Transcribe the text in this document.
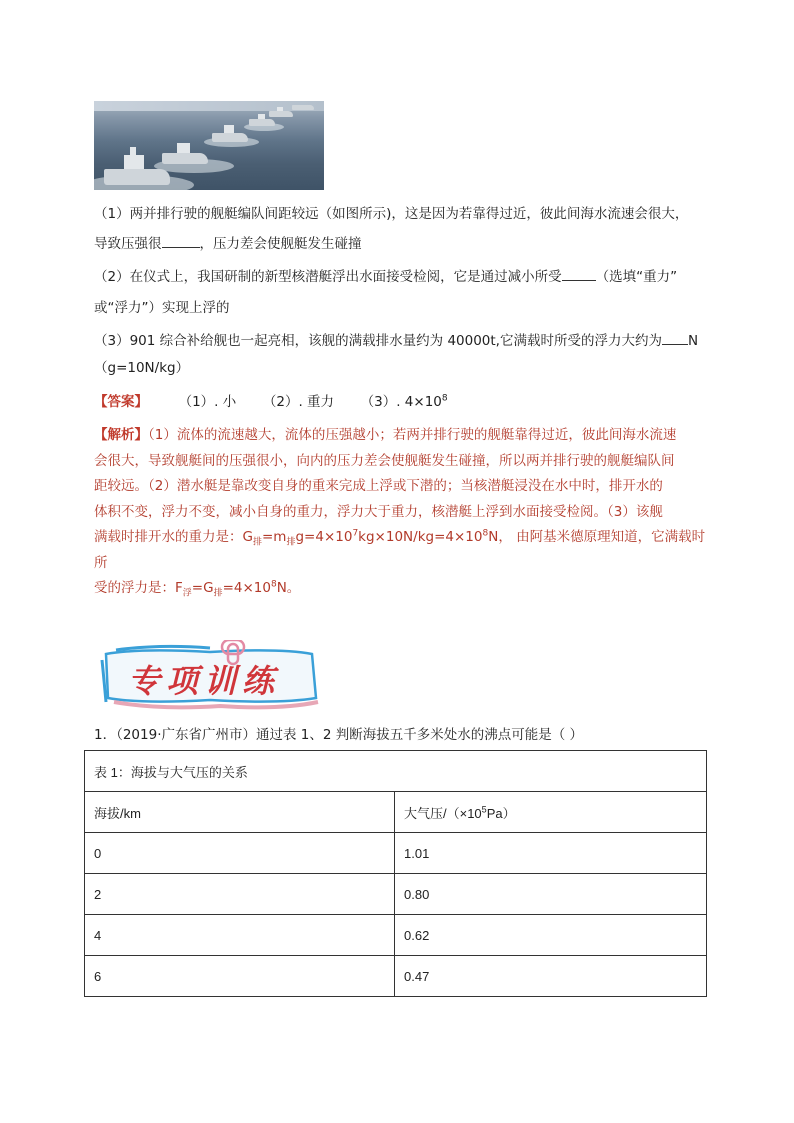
（1）两并排行驶的舰艇编队间距较远（如图所示)，这是因为若靠得过近，彼此间海水流速会很大，
导致压强很	，压力差会使舰艇发生碰撞
（2）在仪式上，我国研制的新型核潜艇浮出水面接受检阅，它是通过减小所受	（选填“重力”
或“浮力”）实现上浮的
（3）901 综合补给舰也一起亮相，该舰的满载排水量约为 40000t,它满载时所受的浮力大约为 N
（g=10N/kg）
【答案】 （1）. 小 （2）. 重力 （3）. $4\times 10^8$
【解析】（1）流体的流速越大，流体的压强越小；若两并排行驶的舰艇靠得过近，彼此间海水流速
会很大，导致舰艇间的压强很小，向内的压力差会使舰艇发生碰撞，所以两并排行驶的舰艇编队间
距较远。（2）潜水艇是靠改变自身的重来完成上浮或下潜的；当核潜艇浸没在水中时，排开水的
体积不变，浮力不变，减小自身的重力，浮力大于重力，核潜艇上浮到水面接受检阅。（3）该舰
满载时排开水的重力是：$G_排=m_排g=4\times 10^7kg\times 10N/kg=4\times 10^8N$， 由阿基米德原理知道，它满载时所
受的浮力是：$F_浮=G_排=4\times 10^8N$。
专项训练
1．（2019·广东省广州市）通过表 1、2 判断海拔五千多米处水的沸点可能是（ ）
表 1：海拔与大气压的关系	
海拔/km	大气压$/(\times 10^5Pa)$
0	1.01
2	0.80
4	0.62
6	0.47
